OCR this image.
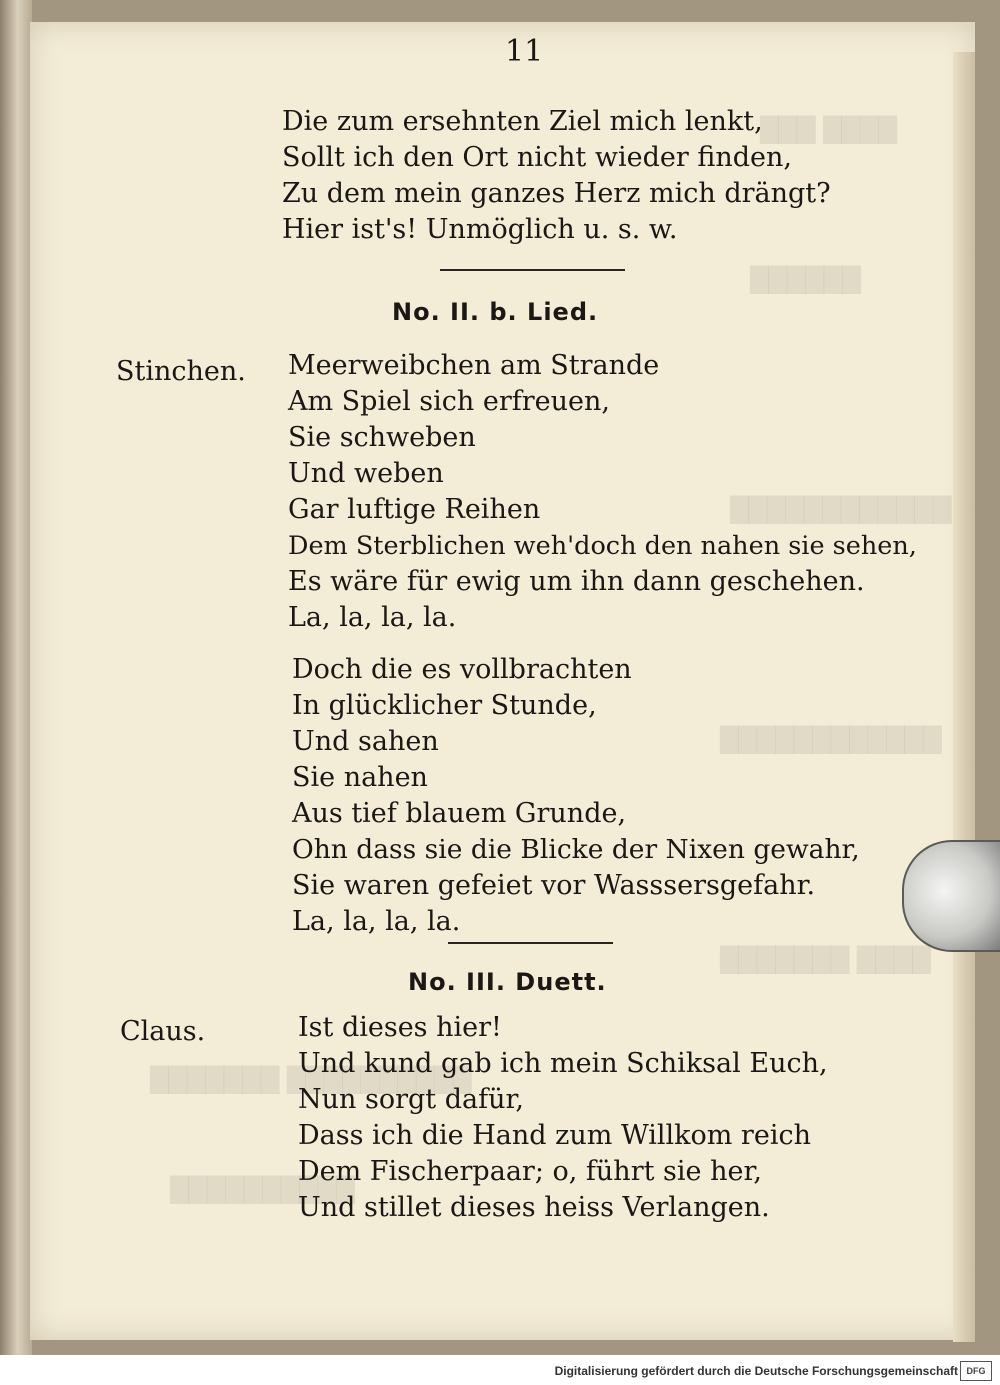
████ ███
██████
████████████
████████████
████ ███████
██████████ ███████
██████████
11
Die zum ersehnten Ziel mich lenkt,
Sollt ich den Ort nicht wieder finden,
Zu dem mein ganzes Herz mich drängt?
Hier ist's! Unmöglich u. s. w.
No. II. b. Lied.
Stinchen. Meerweibchen am Strande
Am Spiel sich erfreuen,
Sie schweben
Und weben
Gar luftige Reihen
Dem Sterblichen weh'doch den nahen sie sehen,
Es wäre für ewig um ihn dann geschehen.
La, la, la, la.
Doch die es vollbrachten
In glücklicher Stunde,
Und sahen
Sie nahen
Aus tief blauem Grunde,
Ohn dass sie die Blicke der Nixen gewahr,
Sie waren gefeiet vor Wasssersgefahr.
La, la, la, la.
No. III. Duett.
Claus.	Ist dieses hier!
Und kund gab ich mein Schiksal Euch,
Nun sorgt dafür,
Dass ich die Hand zum Willkom reich
Dem Fischerpaar; o, führt sie her,
Und stillet dieses heiss Verlangen.
Digitalisierung gefördert durch die Deutsche Forschungsgemeinschaft DFG
